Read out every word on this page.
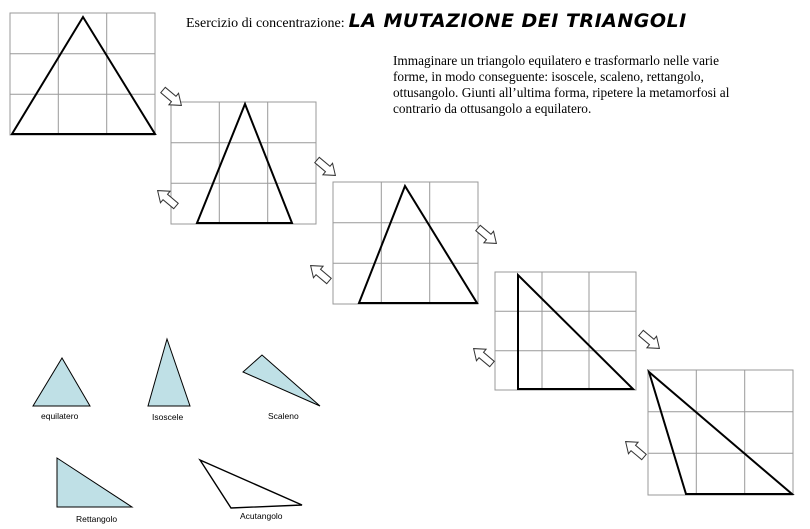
equilatero	Isoscele	Scaleno
Rettangolo	Acutangolo
Esercizio di concentrazione: LA MUTAZIONE DEI TRIANGOLI

Immaginare un triangolo equilatero e trasformarlo nelle varie forme, in modo conseguente: isoscele, scaleno, rettangolo, ottusangolo. Giunti all’ultima forma, ripetere la metamorfosi al contrario da ottusangolo a equilatero.
